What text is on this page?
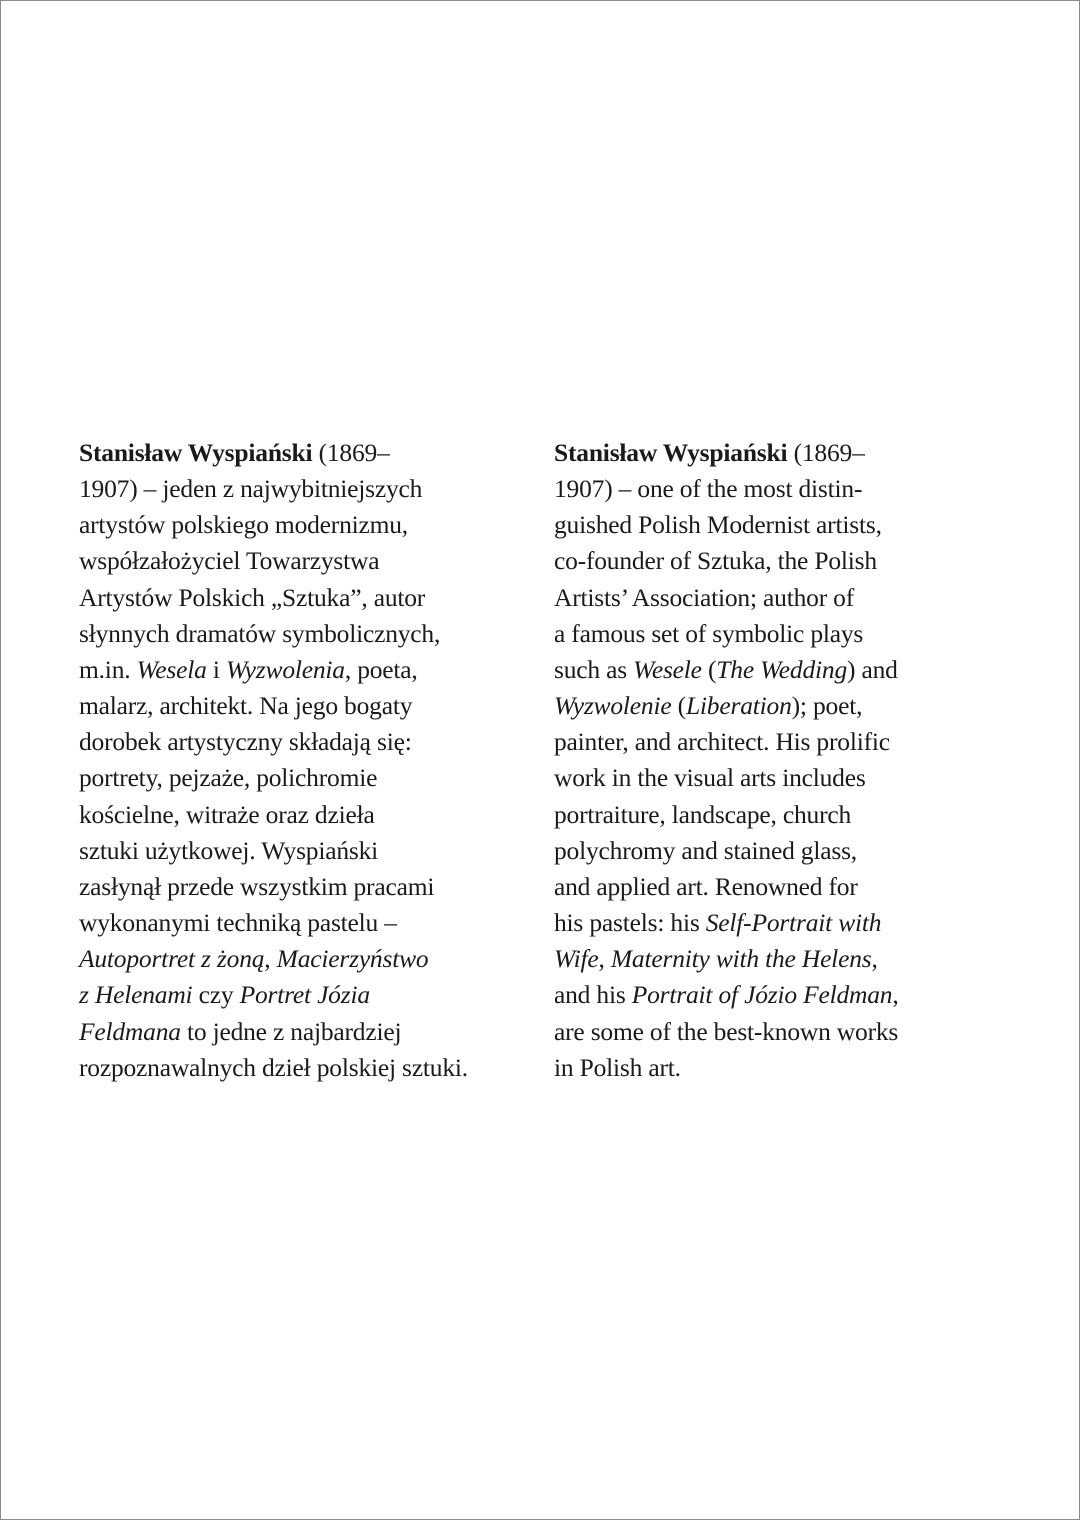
Stanisław Wyspiański (1869–
1907) – jeden z najwybitniejszych
artystów polskiego modernizmu,
współzałożyciel Towarzystwa
Artystów Polskich „Sztuka”, autor
słynnych dramatów symbolicznych,
m.in. Wesela i Wyzwolenia, poeta,
malarz, architekt. Na jego bogaty
dorobek artystyczny składają się:
portrety, pejzaże, polichromie
kościelne, witraże oraz dzieła
sztuki użytkowej. Wyspiański
zasłynął przede wszystkim pracami
wykonanymi techniką pastelu –
Autoportret z żoną, Macierzyństwo
z Helenami czy Portret Józia
Feldmana to jedne z najbardziej
rozpoznawalnych dzieł polskiej sztuki.
Stanisław Wyspiański (1869–
1907) – one of the most distin-
guished Polish Modernist artists,
co-founder of Sztuka, the Polish
Artists’ Association; author of
a famous set of symbolic plays
such as Wesele (The Wedding) and
Wyzwolenie (Liberation); poet,
painter, and architect. His prolific
work in the visual arts includes
portraiture, landscape, church
polychromy and stained glass,
and applied art. Renowned for
his pastels: his Self-Portrait with
Wife, Maternity with the Helens,
and his Portrait of Józio Feldman,
are some of the best-known works
in Polish art.
